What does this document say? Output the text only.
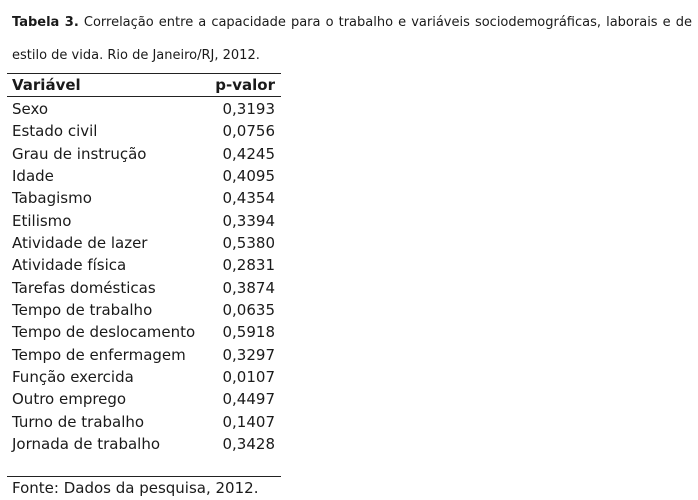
Tabela 3. Correlação entre a capacidade para o trabalho e variáveis sociodemográficas, laborais e de estilo de vida. Rio de Janeiro/RJ, 2012.
Variável	p-valor
Sexo	0,3193
Estado civil	0,0756
Grau de instrução	0,4245
Idade	0,4095
Tabagismo	0,4354
Etilismo	0,3394
Atividade de lazer	0,5380
Atividade física	0,2831
Tarefas domésticas	0,3874
Tempo de trabalho	0,0635
Tempo de deslocamento 0,5918
Tempo de enfermagem 0,3297
Função exercida	0,0107
Outro emprego	0,4497
Turno de trabalho	0,1407
Jornada de trabalho	0,3428
Fonte: Dados da pesquisa, 2012.
